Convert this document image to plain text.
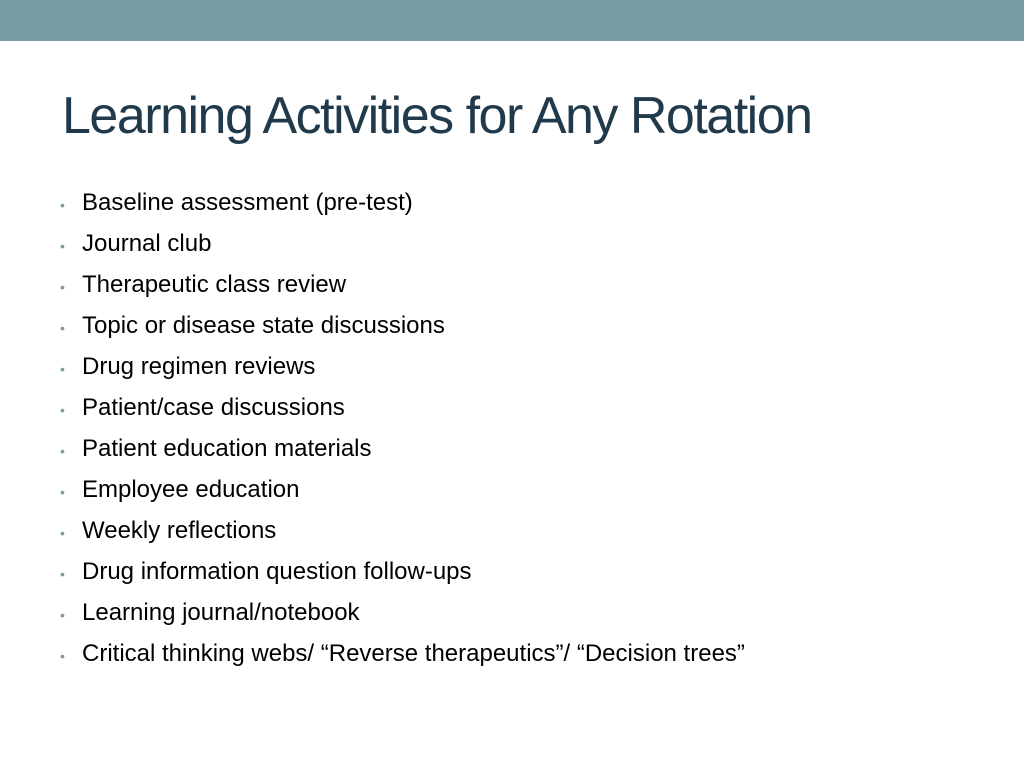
Learning Activities for Any Rotation
• Baseline assessment (pre-test)
• Journal club
• Therapeutic class review
• Topic or disease state discussions
• Drug regimen reviews
• Patient/case discussions
• Patient education materials
• Employee education
• Weekly reflections
• Drug information question follow-ups
• Learning journal/notebook
• Critical thinking webs/ “Reverse therapeutics”/ “Decision trees”
